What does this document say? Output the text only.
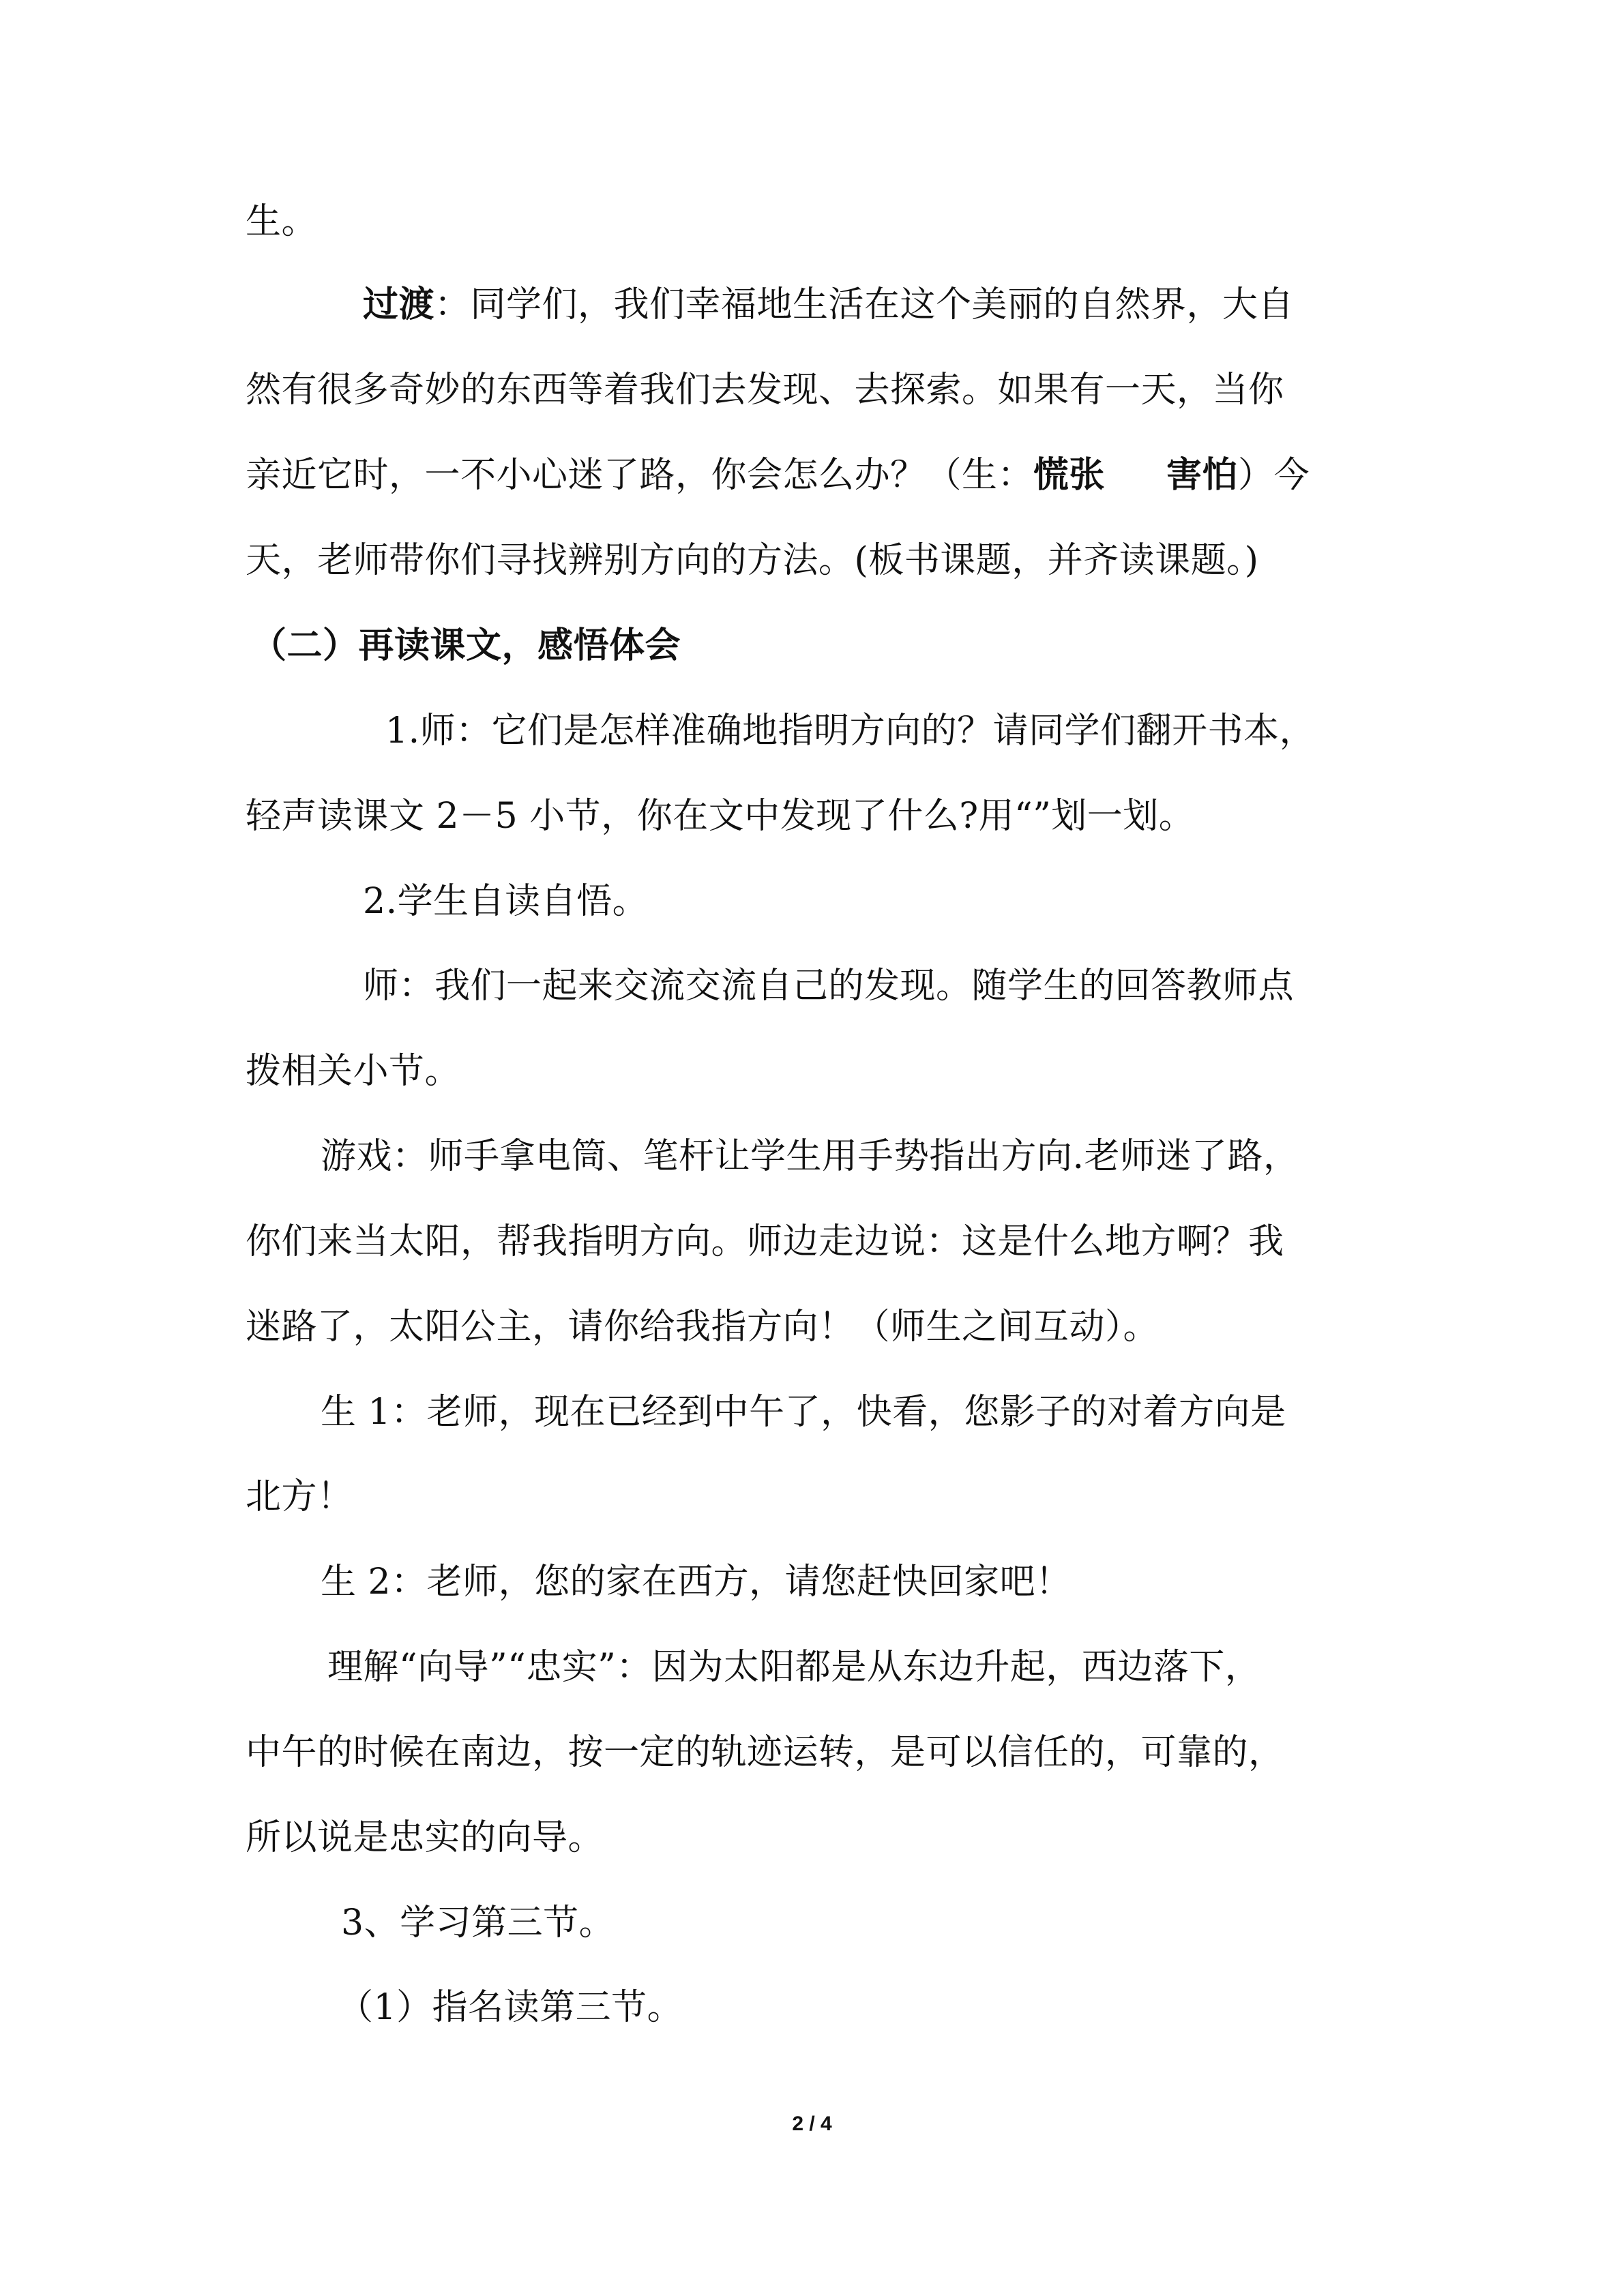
生。
过渡：同学们，我们幸福地生活在这个美丽的自然界，大自
然有很多奇妙的东西等着我们去发现、去探索。如果有一天，当你
亲近它时，一不小心迷了路，你会怎么办？（生：慌张 害怕）今
天，老师带你们寻找辨别方向的方法。(板书课题，并齐读课题。)
（二）再读课文，感悟体会
1.师：它们是怎样准确地指明方向的？请同学们翻开书本，
轻声读课文 2－5 小节，你在文中发现了什么?用“”划一划。
2.学生自读自悟。
师：我们一起来交流交流自己的发现。随学生的回答教师点
拨相关小节。
游戏：师手拿电筒、笔杆让学生用手势指出方向.老师迷了路，
你们来当太阳，帮我指明方向。师边走边说：这是什么地方啊？我
迷路了，太阳公主，请你给我指方向！（师生之间互动）。
生 1：老师，现在已经到中午了，快看，您影子的对着方向是
北方！
生 2：老师，您的家在西方，请您赶快回家吧！
理解“向导”“忠实”：因为太阳都是从东边升起，西边落下，
中午的时候在南边，按一定的轨迹运转，是可以信任的，可靠的，
所以说是忠实的向导。
3、学习第三节。
（1）指名读第三节。
2 / 4
